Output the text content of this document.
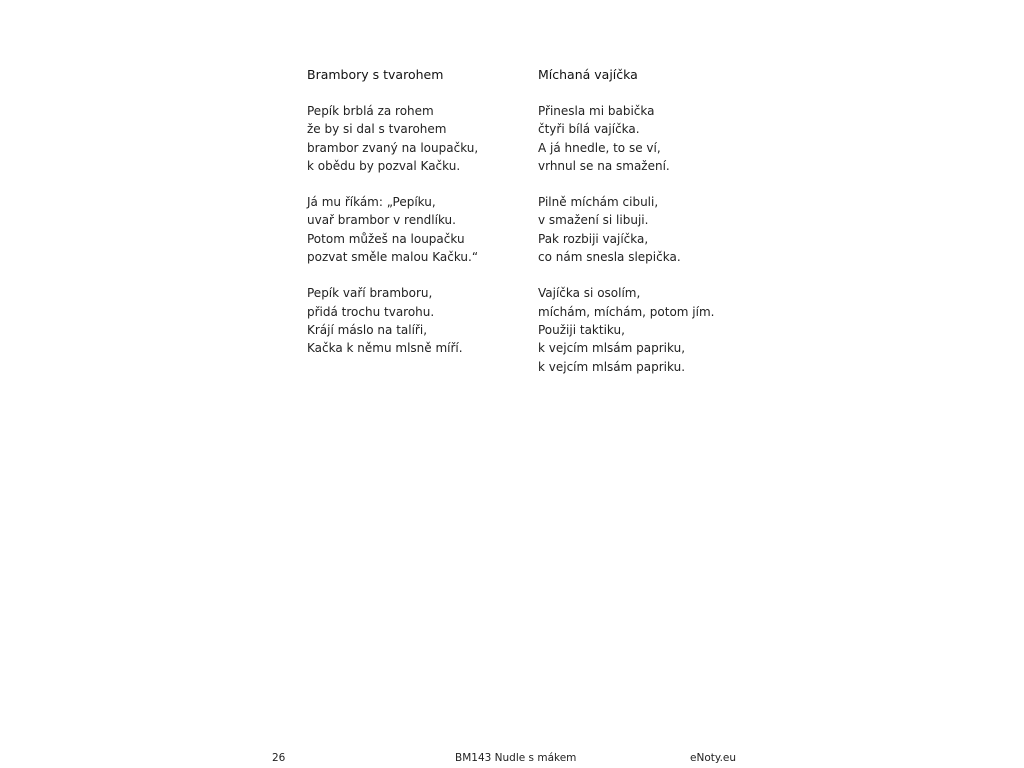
Brambory s tvarohem
Pepík brblá za rohem
že by si dal s tvarohem
brambor zvaný na loupačku,
k obědu by pozval Kačku.
Já mu říkám: „Pepíku,
uvař brambor v rendlíku.
Potom můžeš na loupačku
pozvat směle malou Kačku.“
Pepík vaří bramboru,
přidá trochu tvarohu.
Krájí máslo na talíři,
Kačka k němu mlsně míří.
Míchaná vajíčka
Přinesla mi babička
čtyři bílá vajíčka.
A já hnedle, to se ví,
vrhnul se na smažení.
Pilně míchám cibuli,
v smažení si libuji.
Pak rozbiji vajíčka,
co nám snesla slepička.
Vajíčka si osolím,
míchám, míchám, potom jím.
Použiji taktiku,
k vejcím mlsám papriku,
k vejcím mlsám papriku.
26	BM143 Nudle s mákem	eNoty.eu
